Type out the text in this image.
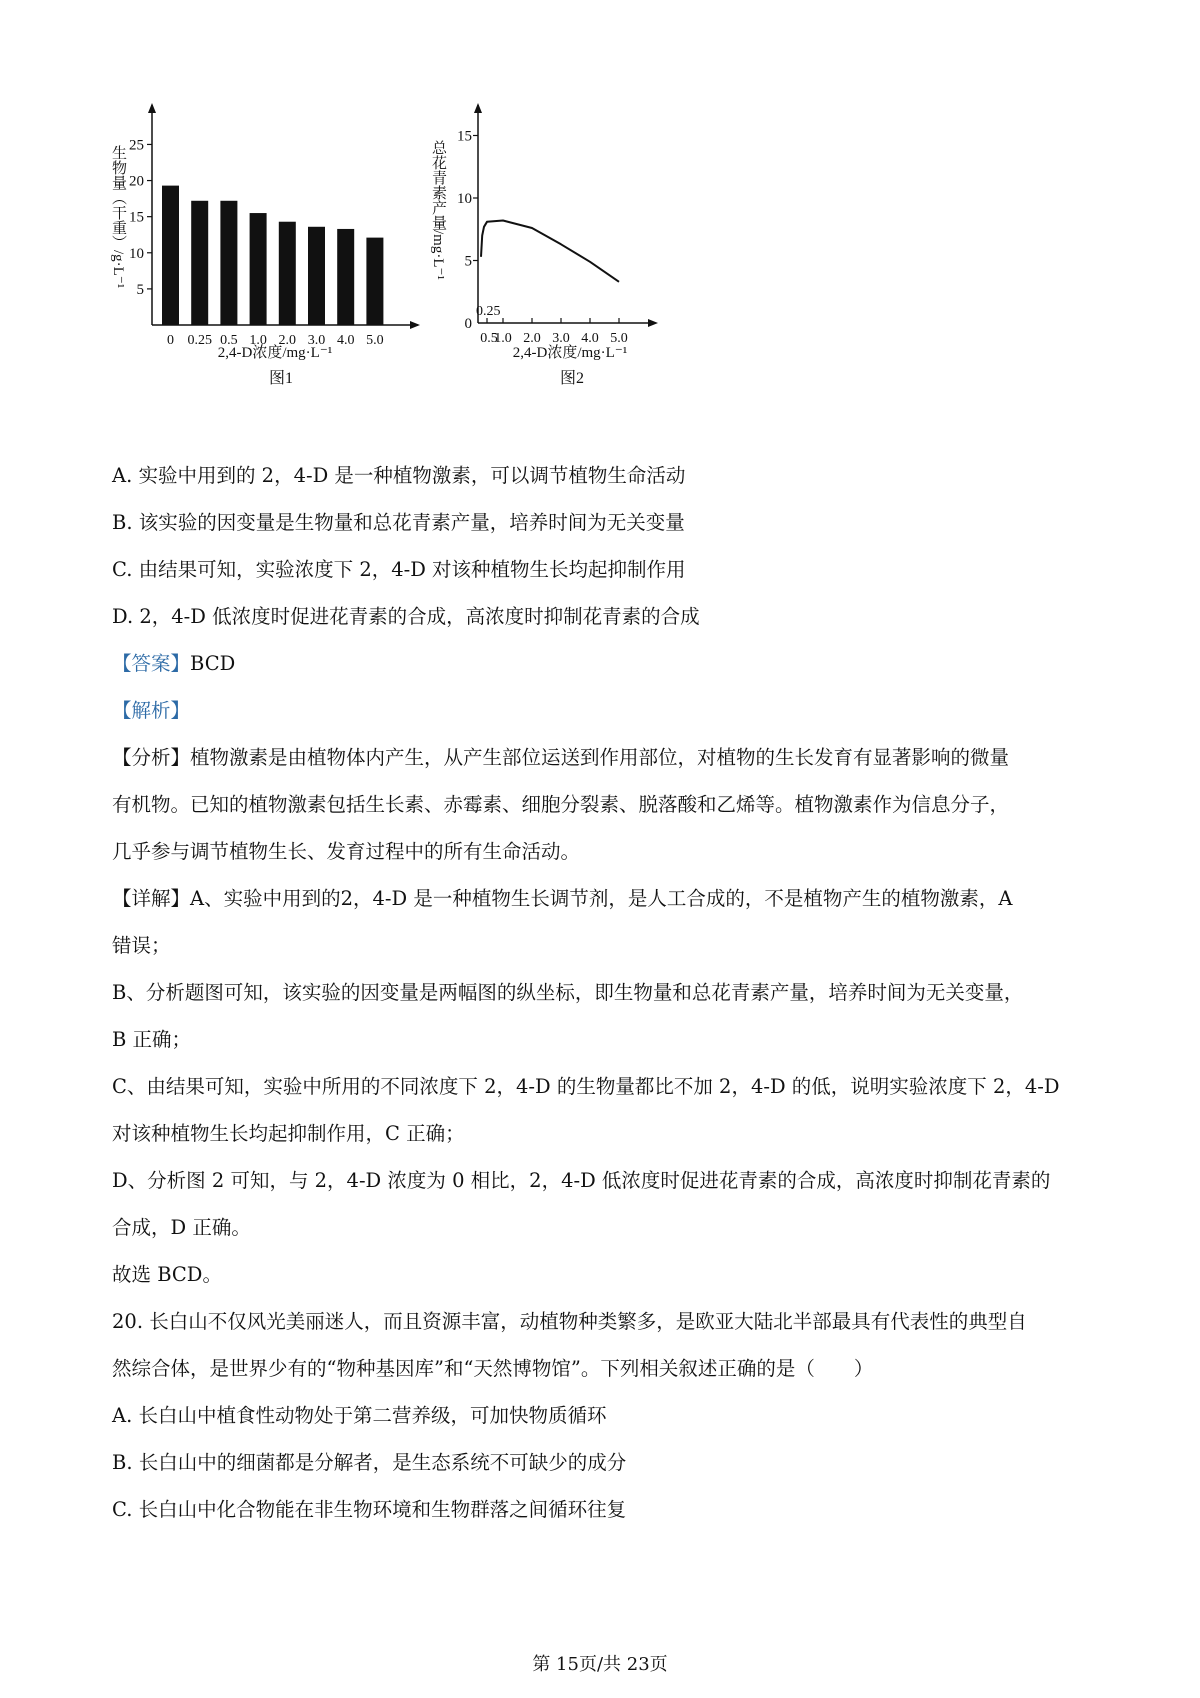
5
10
15
20
25
0 0.25 0.5 1.0 2.0 3.0 4.0 5.0
生物量（干重）/g·L⁻¹
2,4-D浓度/mg·L⁻¹
图1
0
5
10
15
0.5
1.0 2.0 3.0 4.0 5.0
0.25
总花青素产量/mg·L⁻¹
2,4-D浓度/mg·L⁻¹
图2

A. 实验中用到的 2，4-D 是一种植物激素，可以调节植物生命活动

B. 该实验的因变量是生物量和总花青素产量，培养时间为无关变量

C. 由结果可知，实验浓度下 2，4-D 对该种植物生长均起抑制作用

D. 2，4-D 低浓度时促进花青素的合成，高浓度时抑制花青素的合成

【答案】BCD

【解析】

【分析】植物激素是由植物体内产生，从产生部位运送到作用部位，对植物的生长发育有显著影响的微量

有机物。已知的植物激素包括生长素、赤霉素、细胞分裂素、脱落酸和乙烯等。植物激素作为信息分子，

几乎参与调节植物生长、发育过程中的所有生命活动。

【详解】A、实验中用到的2，4-D 是一种植物生长调节剂，是人工合成的，不是植物产生的植物激素，A

错误；

B、分析题图可知，该实验的因变量是两幅图的纵坐标，即生物量和总花青素产量，培养时间为无关变量，

B 正确；

C、由结果可知，实验中所用的不同浓度下 2，4-D 的生物量都比不加 2，4-D 的低，说明实验浓度下 2，4-D

对该种植物生长均起抑制作用，C 正确；

D、分析图 2 可知，与 2，4-D 浓度为 0 相比，2，4-D 低浓度时促进花青素的合成，高浓度时抑制花青素的

合成，D 正确。

故选 BCD。

20. 长白山不仅风光美丽迷人，而且资源丰富，动植物种类繁多，是欧亚大陆北半部最具有代表性的典型自

然综合体，是世界少有的“物种基因库”和“天然博物馆”。下列相关叙述正确的是（　　）

A. 长白山中植食性动物处于第二营养级，可加快物质循环

B. 长白山中的细菌都是分解者，是生态系统不可缺少的成分

C. 长白山中化合物能在非生物环境和生物群落之间循环往复

第 15页/共 23页
